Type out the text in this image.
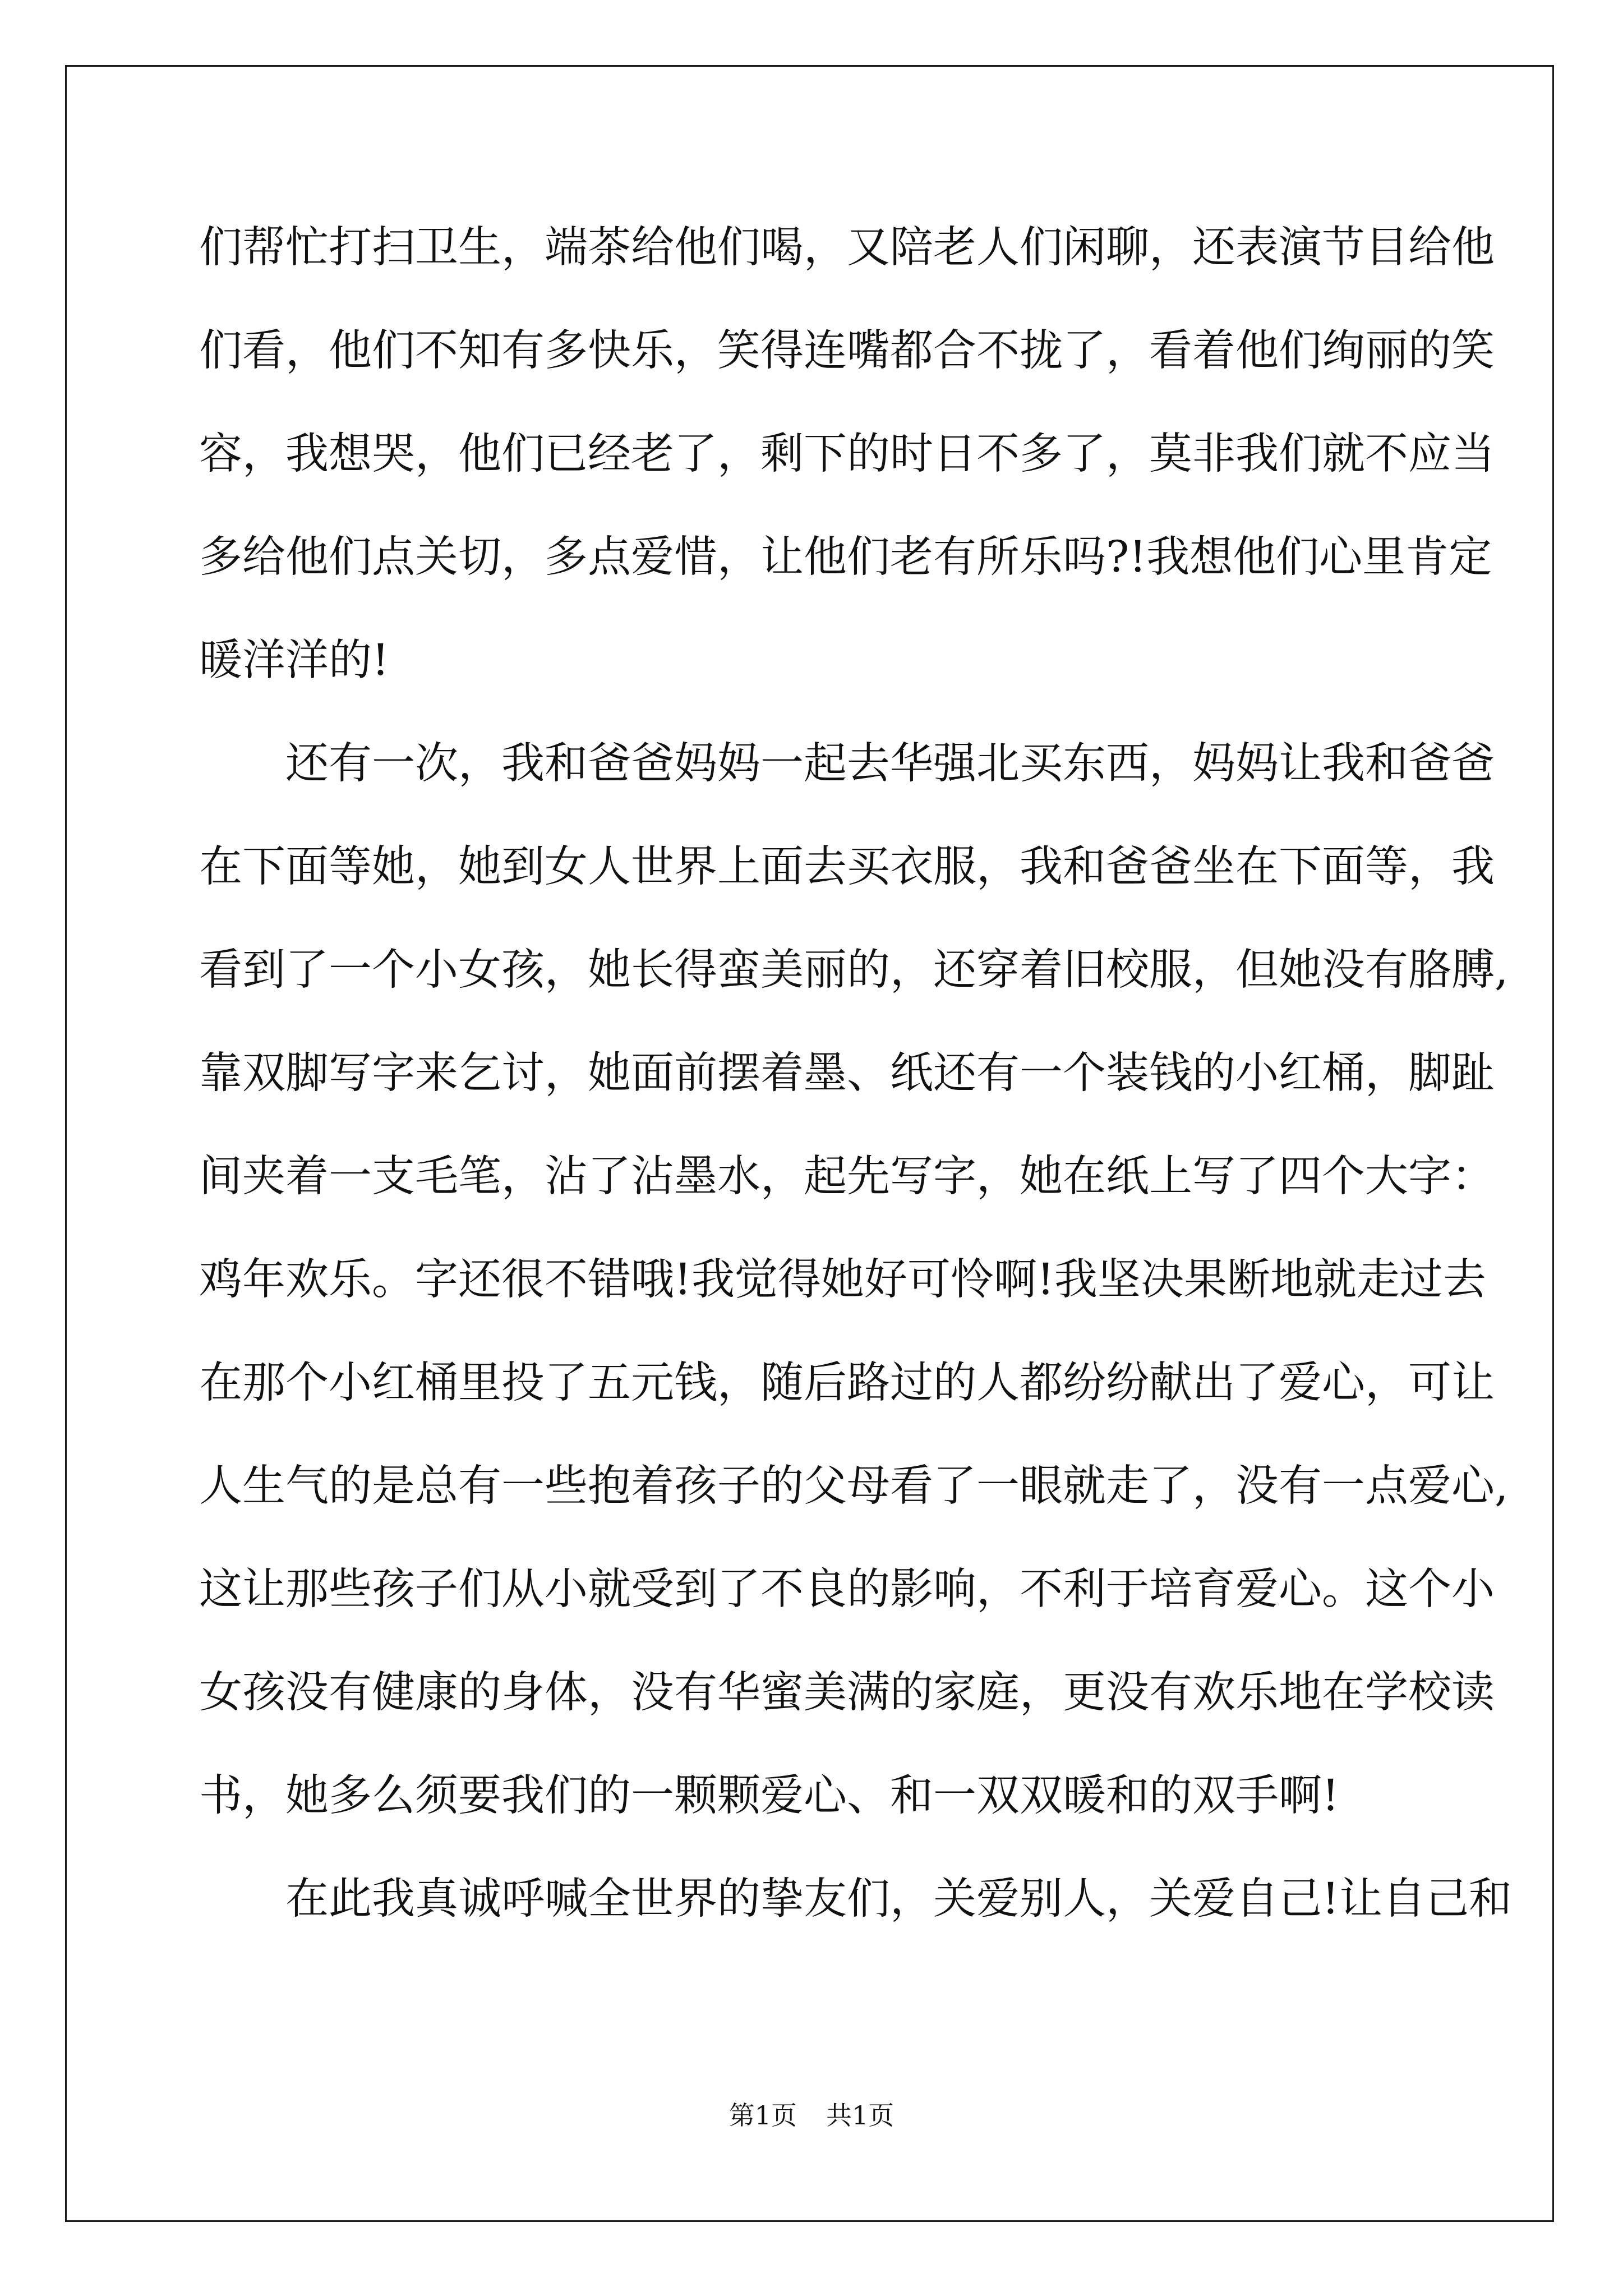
们帮忙打扫卫生，端茶给他们喝，又陪老人们闲聊，还表演节目给他
们看，他们不知有多快乐，笑得连嘴都合不拢了，看着他们绚丽的笑
容，我想哭，他们已经老了，剩下的时日不多了，莫非我们就不应当
多给他们点关切，多点爱惜，让他们老有所乐吗?!我想他们心里肯定
暖洋洋的!
还有一次，我和爸爸妈妈一起去华强北买东西，妈妈让我和爸爸
在下面等她，她到女人世界上面去买衣服，我和爸爸坐在下面等，我
看到了一个小女孩，她长得蛮美丽的，还穿着旧校服，但她没有胳膊,
靠双脚写字来乞讨，她面前摆着墨、纸还有一个装钱的小红桶，脚趾
间夹着一支毛笔，沾了沾墨水，起先写字，她在纸上写了四个大字：
鸡年欢乐。字还很不错哦!我觉得她好可怜啊!我坚决果断地就走过去
在那个小红桶里投了五元钱，随后路过的人都纷纷献出了爱心，可让
人生气的是总有一些抱着孩子的父母看了一眼就走了，没有一点爱心,
这让那些孩子们从小就受到了不良的影响，不利于培育爱心。这个小
女孩没有健康的身体，没有华蜜美满的家庭，更没有欢乐地在学校读
书，她多么须要我们的一颗颗爱心、和一双双暖和的双手啊!
在此我真诚呼喊全世界的挚友们，关爱别人，关爱自己!让自己和
第1页 共1页
